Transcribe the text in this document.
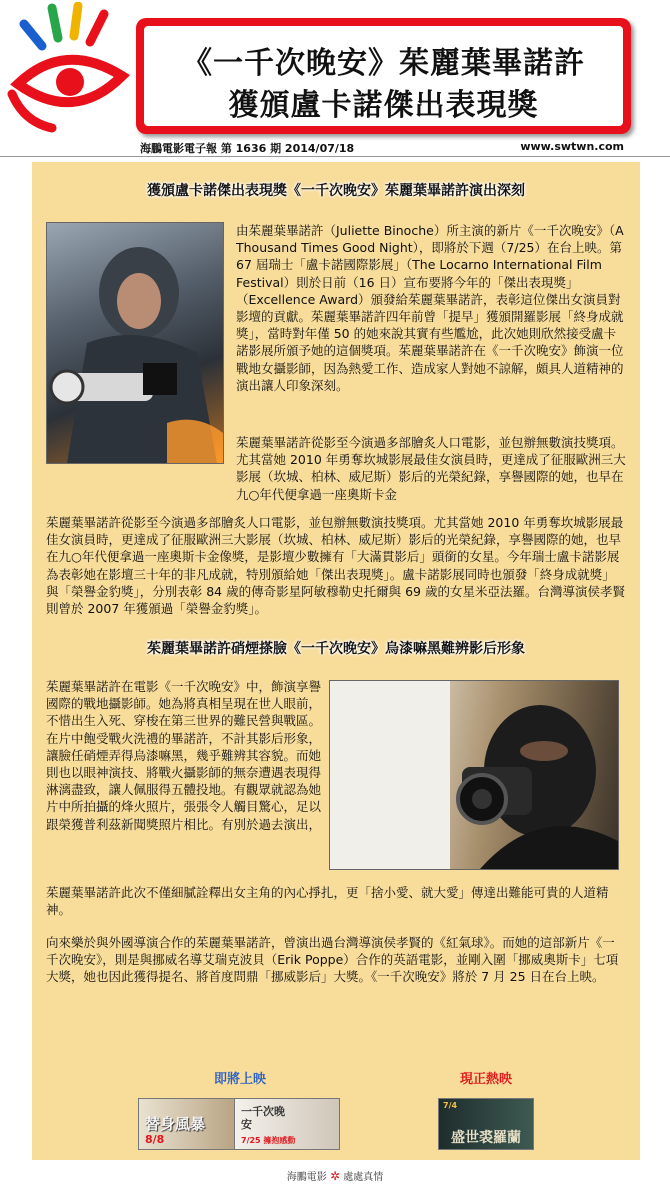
《一千次晚安》茱麗葉畢諾許
獲頒盧卡諾傑出表現獎
海鵬電影電子報 第 1636 期 2014/07/18	www.swtwn.com
獲頒盧卡諾傑出表現獎《一千次晚安》茱麗葉畢諾許演出深刻

由茱麗葉畢諾許（Juliette Binoche）所主演的新片《一千次晚安》（A Thousand Times Good Night），即將於下週（7/25）在台上映。第 67 屆瑞士「盧卡諾國際影展」（The Locarno International Film Festival）則於日前（16 日）宣布要將今年的「傑出表現獎」（Excellence Award）頒發給茱麗葉畢諾許，表彰這位傑出女演員對影壇的貢獻。茱麗葉畢諾許四年前曾「提早」獲頒開羅影展「終身成就獎」，當時對年僅 50 的她來說其實有些尷尬，此次她則欣然接受盧卡諾影展所頒予她的這個獎項。茱麗葉畢諾許在《一千次晚安》飾演一位戰地女攝影師，因為熱愛工作、造成家人對她不諒解，頗具人道精神的演出讓人印象深刻。

茱麗葉畢諾許從影至今演過多部膾炙人口電影，並包辦無數演技獎項。尤其當她 2010 年勇奪坎城影展最佳女演員時，更達成了征服歐洲三大影展（坎城、柏林、威尼斯）影后的光榮紀錄，享譽國際的她，也早在九○年代便拿過一座奧斯卡金

茱麗葉畢諾許從影至今演過多部膾炙人口電影，並包辦無數演技獎項。尤其當她 2010 年勇奪坎城影展最佳女演員時，更達成了征服歐洲三大影展（坎城、柏林、威尼斯）影后的光榮紀錄，享譽國際的她，也早在九○年代便拿過一座奧斯卡金像獎，是影壇少數擁有「大滿貫影后」頭銜的女星。今年瑞士盧卡諾影展為表彰她在影壇三十年的非凡成就，特別頒給她「傑出表現獎」。盧卡諾影展同時也頒發「終身成就獎」與「榮譽金豹獎」，分別表彰 84 歲的傳奇影星阿敏穆勒史托爾與 69 歲的女星米亞法羅。台灣導演侯孝賢則曾於 2007 年獲頒過「榮譽金豹獎」。

茱麗葉畢諾許硝煙搽臉《一千次晚安》烏漆嘛黑難辨影后形象

茱麗葉畢諾許在電影《一千次晚安》中，飾演享譽國際的戰地攝影師。她為將真相呈現在世人眼前，不惜出生入死、穿梭在第三世界的難民營與戰區。在片中飽受戰火洗禮的畢諾許，不計其影后形象，讓臉任硝煙弄得烏漆嘛黑，幾乎難辨其容貌。而她則也以眼神演技、將戰火攝影師的無奈遭遇表現得淋漓盡致，讓人佩服得五體投地。有觀眾就認為她片中所拍攝的烽火照片，張張令人觸目驚心，足以跟榮獲普利茲新聞獎照片相比。有別於過去演出，

茱麗葉畢諾許此次不僅細膩詮釋出女主角的內心掙扎，更「捨小愛、就大愛」傳達出難能可貴的人道精神。

向來樂於與外國導演合作的茱麗葉畢諾許，曾演出過台灣導演侯孝賢的《紅氣球》。而她的這部新片《一千次晚安》，則是與挪威名導艾瑞克波貝（Erik Poppe）合作的英語電影，並剛入圍「挪威奧斯卡」七項大獎，她也因此獲得提名、將首度問鼎「挪威影后」大獎。《一千次晚安》將於 7 月 25 日在台上映。

即將上映	現正熱映
替身風暴
8/8
一千次晚安
7/25 擁抱感動
7/4
盛世裘羅蘭
海鵬電影 ✲ 處處真情
